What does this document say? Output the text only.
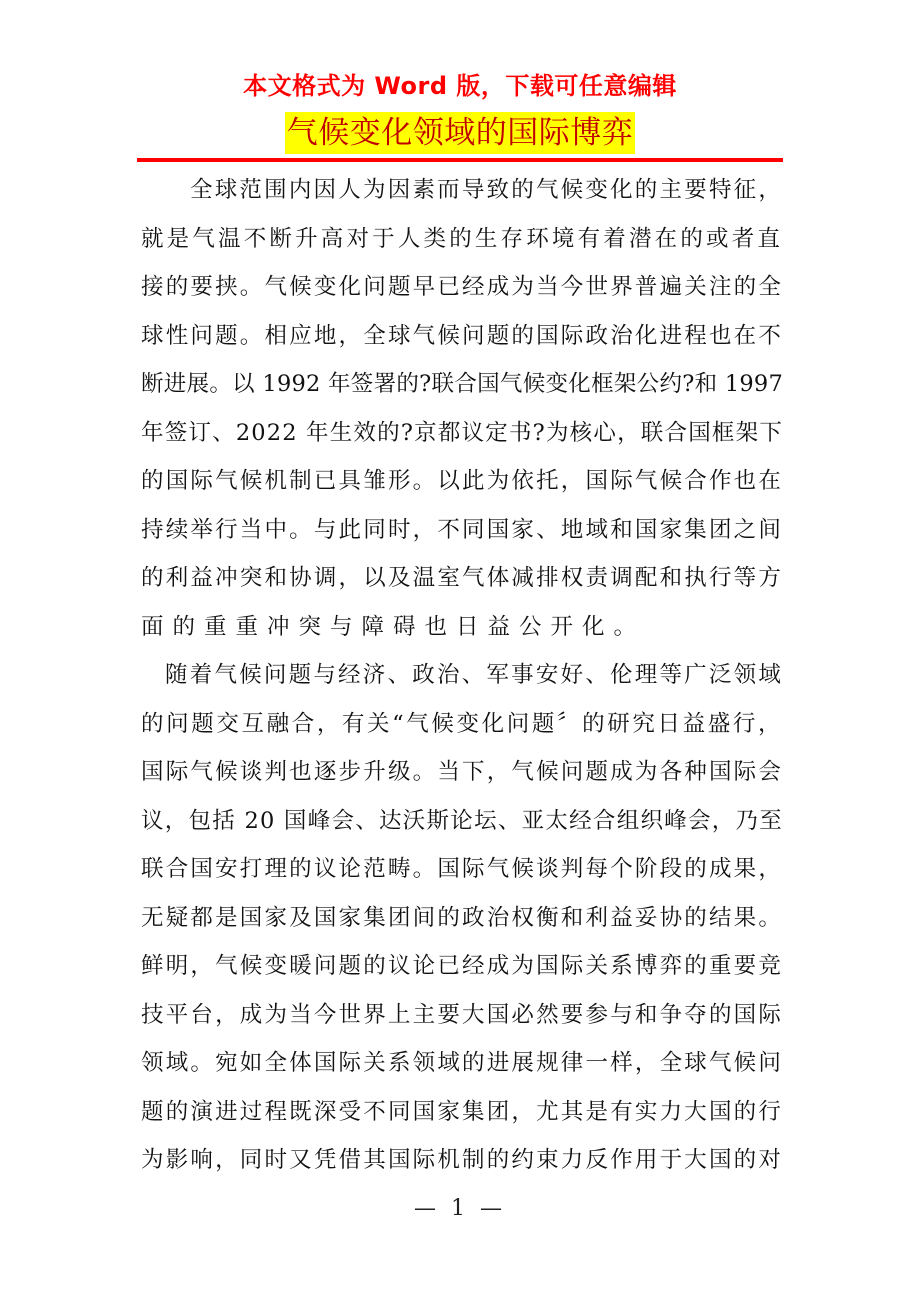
本文格式为 Word 版，下载可任意编辑
气候变化领域的国际博弈
全球范围内因人为因素而导致的气候变化的主要特征，
就是气温不断升高对于人类的生存环境有着潜在的或者直
接的要挟。气候变化问题早已经成为当今世界普遍关注的全
球性问题。相应地，全球气候问题的国际政治化进程也在不
断进展。以 1992 年签署的?联合国气候变化框架公约?和 1997
年签订、2022 年生效的?京都议定书?为核心，联合国框架下
的国际气候机制已具雏形。以此为依托，国际气候合作也在
持续举行当中。与此同时，不同国家、地域和国家集团之间
的利益冲突和协调，以及温室气体减排权责调配和执行等方
面的重重冲突与障碍也日益公开化。
随着气候问题与经济、政治、军事安好、伦理等广泛领域
的问题交互融合，有关“气候变化问题〞的研究日益盛行，
国际气候谈判也逐步升级。当下，气候问题成为各种国际会
议，包括 20 国峰会、达沃斯论坛、亚太经合组织峰会，乃至
联合国安打理的议论范畴。国际气候谈判每个阶段的成果，
无疑都是国家及国家集团间的政治权衡和利益妥协的结果。
鲜明，气候变暖问题的议论已经成为国际关系博弈的重要竞
技平台，成为当今世界上主要大国必然要参与和争夺的国际
领域。宛如全体国际关系领域的进展规律一样，全球气候问
题的演进过程既深受不同国家集团，尤其是有实力大国的行
为影响，同时又凭借其国际机制的约束力反作用于大国的对
— 1 —
